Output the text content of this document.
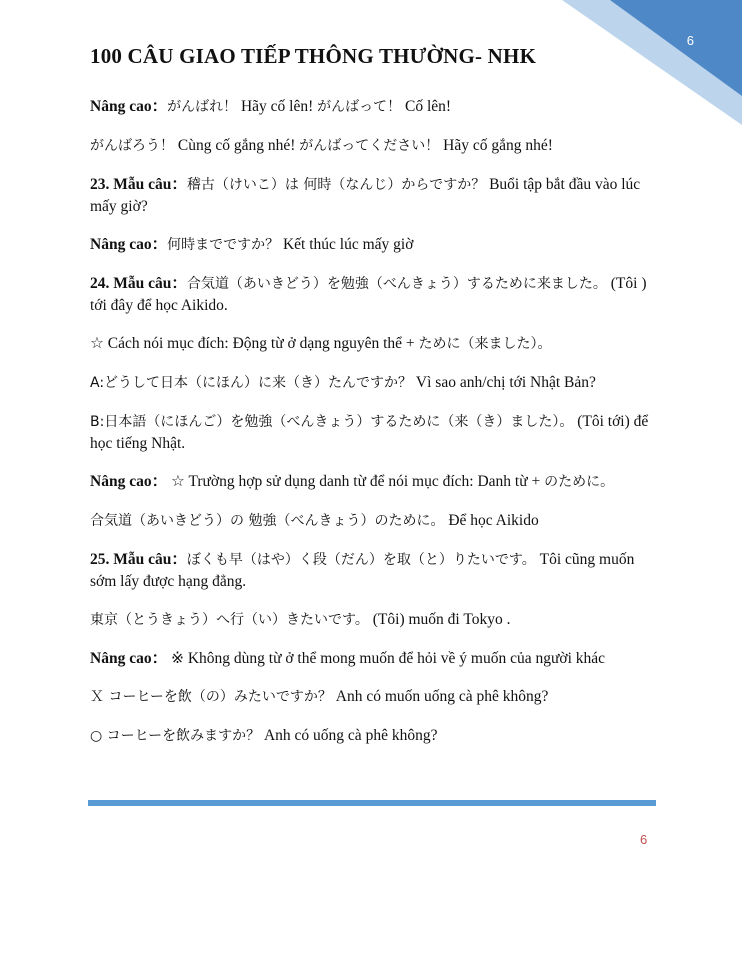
6
100 CÂU GIAO TIẾP THÔNG THƯỜNG- NHK

Nâng cao：がんばれ！ Hãy cố lên! がんばって！ Cố lên!

がんばろう！ Cùng cố gắng nhé! がんばってください！ Hãy cố gắng nhé!

23. Mẫu câu：稽古（けいこ）は 何時（なんじ）からですか？ Buổi tập bắt đầu vào lúc mấy giờ?

Nâng cao：何時までですか？ Kết thúc lúc mấy giờ

24. Mẫu câu：合気道（あいきどう）を勉強（べんきょう）するために来ました。 (Tôi ) tới đây để học Aikido.

☆ Cách nói mục đích: Động từ ở dạng nguyên thể + ために（来ました）。

A:どうして日本（にほん）に来（き）たんですか？ Vì sao anh/chị tới Nhật Bản?

B:日本語（にほんご）を勉強（べんきょう）するために（来（き）ました）。 (Tôi tới) để học tiếng Nhật.

Nâng cao： ☆ Trường hợp sử dụng danh từ để nói mục đích: Danh từ + のために。

合気道（あいきどう）の 勉強（べんきょう）のために。 Để học Aikido

25. Mẫu câu：ぼくも早（はや）く段（だん）を取（と）りたいです。 Tôi cũng muốn sớm lấy được hạng đẳng.

東京（とうきょう）へ行（い）きたいです。 (Tôi) muốn đi Tokyo .

Nâng cao： ※ Không dùng từ ở thể mong muốn để hỏi về ý muốn của người khác

Ｘ コーヒーを飲（の）みたいですか？ Anh có muốn uống cà phê không?

○ コーヒーを飲みますか？ Anh có uống cà phê không?

6
